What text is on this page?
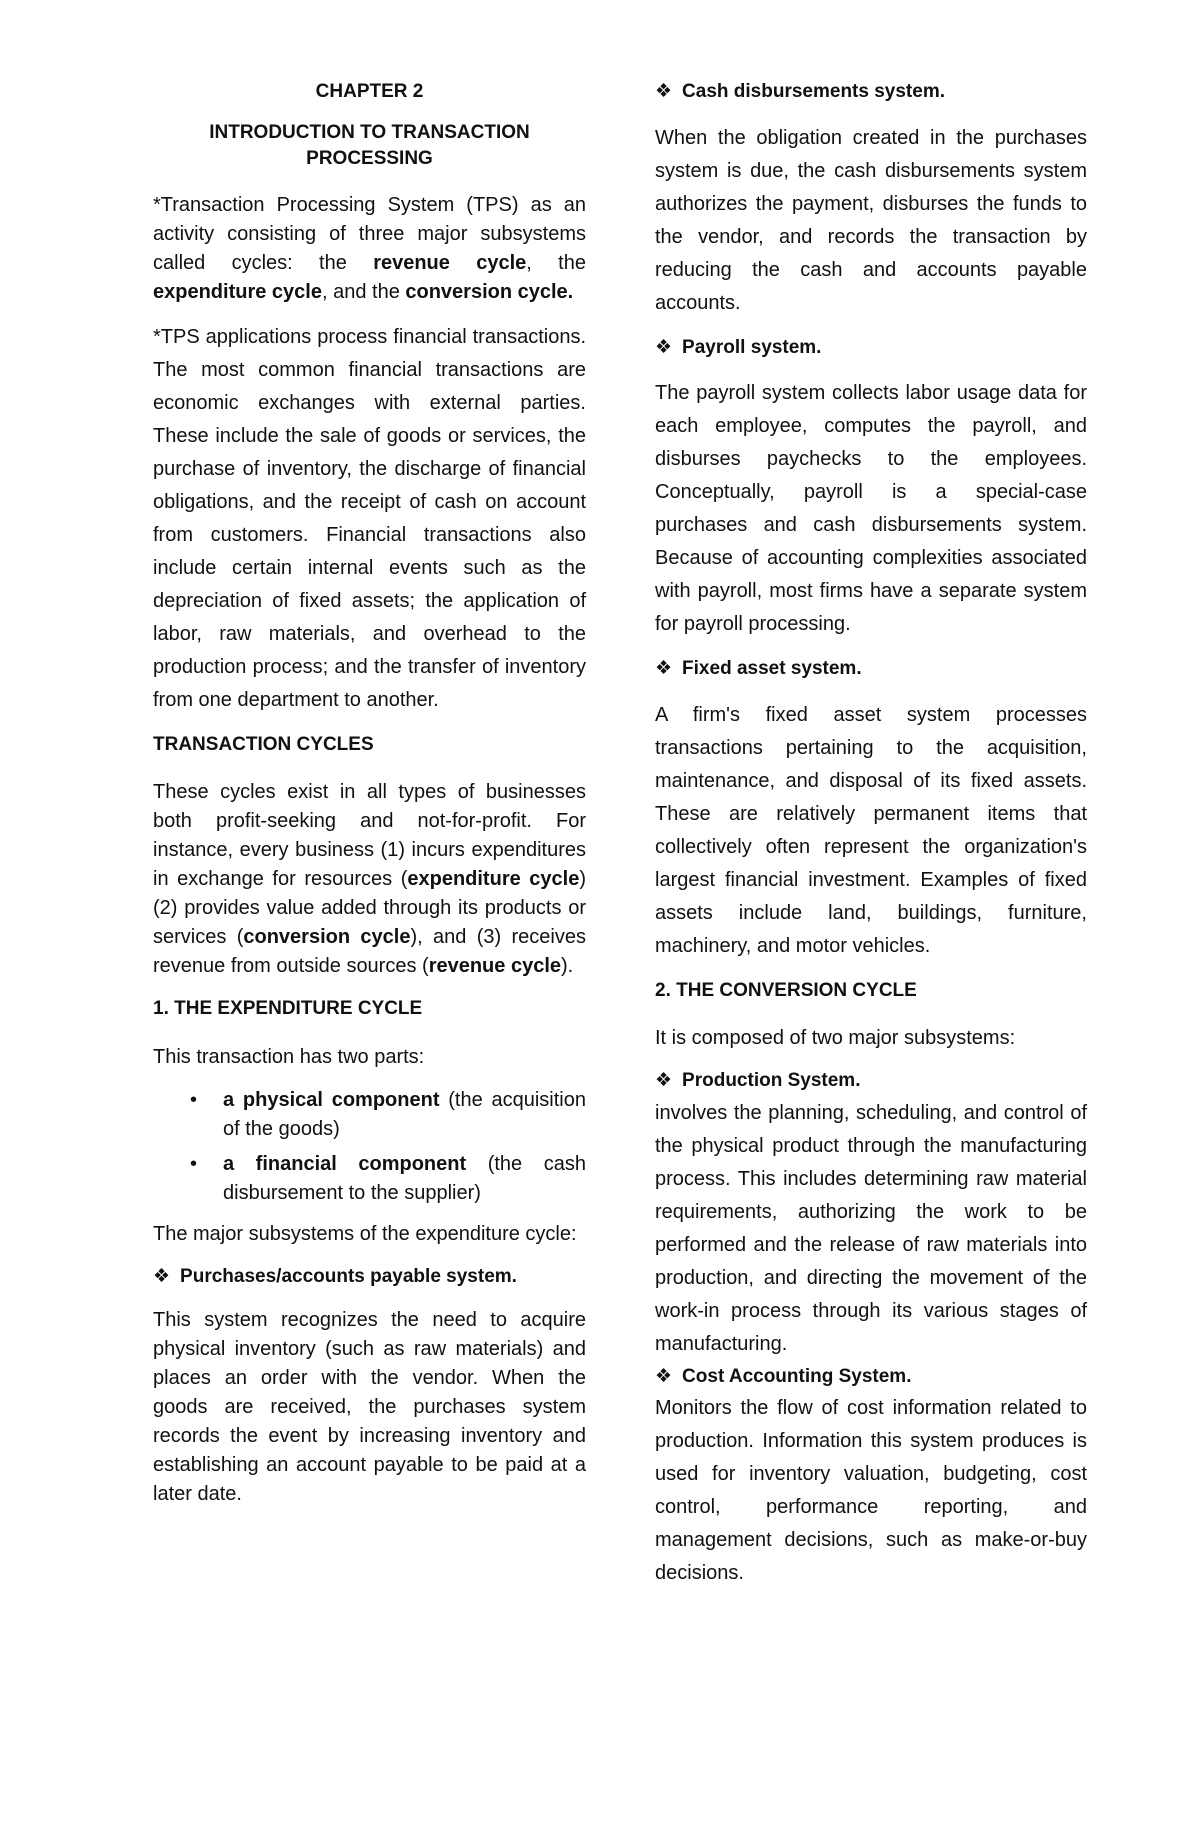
CHAPTER 2

INTRODUCTION TO TRANSACTION PROCESSING

*Transaction Processing System (TPS) as an activity consisting of three major subsystems called cycles: the revenue cycle, the expenditure cycle, and the conversion cycle.

*TPS applications process financial transactions. The most common financial transactions are economic exchanges with external parties. These include the sale of goods or services, the purchase of inventory, the discharge of financial obligations, and the receipt of cash on account from customers. Financial transactions also include certain internal events such as the depreciation of fixed assets; the application of labor, raw materials, and overhead to the production process; and the transfer of inventory from one department to another.

TRANSACTION CYCLES

These cycles exist in all types of businesses both profit-seeking and not-for-profit. For instance, every business (1) incurs expenditures in exchange for resources (expenditure cycle) (2) provides value added through its products or services (conversion cycle), and (3) receives revenue from outside sources (revenue cycle).

1. THE EXPENDITURE CYCLE

This transaction has two parts:

• a physical component (the acquisition of the goods)
• a financial component (the cash disbursement to the supplier)

The major subsystems of the expenditure cycle:

❖ Purchases/accounts payable system.

This system recognizes the need to acquire physical inventory (such as raw materials) and places an order with the vendor. When the goods are received, the purchases system records the event by increasing inventory and establishing an account payable to be paid at a later date.

❖ Cash disbursements system.

When the obligation created in the purchases system is due, the cash disbursements system authorizes the payment, disburses the funds to the vendor, and records the transaction by reducing the cash and accounts payable accounts.

❖ Payroll system.

The payroll system collects labor usage data for each employee, computes the payroll, and disburses paychecks to the employees. Conceptually, payroll is a special-case purchases and cash disbursements system. Because of accounting complexities associated with payroll, most firms have a separate system for payroll processing.

❖ Fixed asset system.

A firm's fixed asset system processes transactions pertaining to the acquisition, maintenance, and disposal of its fixed assets. These are relatively permanent items that collectively often represent the organization's largest financial investment. Examples of fixed assets include land, buildings, furniture, machinery, and motor vehicles.

2. THE CONVERSION CYCLE

It is composed of two major subsystems:

❖ Production System.

involves the planning, scheduling, and control of the physical product through the manufacturing process. This includes determining raw material requirements, authorizing the work to be performed and the release of raw materials into production, and directing the movement of the work-in process through its various stages of manufacturing.

❖ Cost Accounting System.

Monitors the flow of cost information related to production. Information this system produces is used for inventory valuation, budgeting, cost control, performance reporting, and management decisions, such as make-or-buy decisions.
